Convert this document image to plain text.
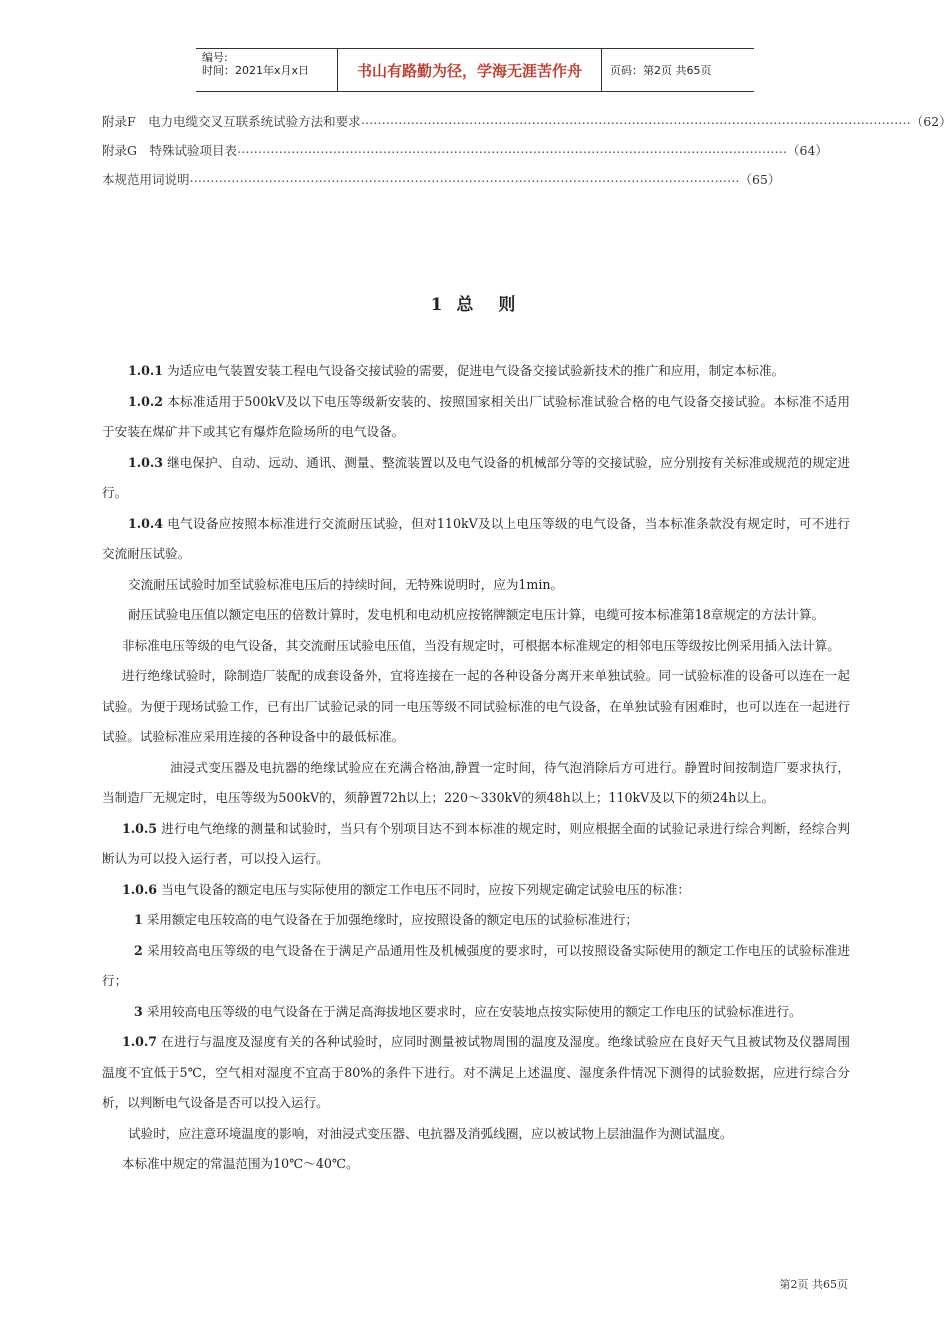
编号:
时间：2021年x月x日	书山有路勤为径，学海无涯苦作舟	页码：第2页 共65页
附录F　电力电缆交叉互联系统试验方法和要求 …………………………………………………………………………………………………………………… （62）
附录G　特殊试验项目表 …………………………………………………………………………………………………………………… （64）
本规范用词说明 …………………………………………………………………………………………………………………… （65）
1 总　则

1.0.1 为适应电气装置安装工程电气设备交接试验的需要，促进电气设备交接试验新技术的推广和应用，制定本标准。

1.0.2 本标准适用于500kV及以下电压等级新安装的、按照国家相关出厂试验标准试验合格的电气设备交接试验。本标准不适用于安装在煤矿井下或其它有爆炸危险场所的电气设备。

1.0.3 继电保护、自动、远动、通讯、测量、整流装置以及电气设备的机械部分等的交接试验，应分别按有关标准或规范的规定进行。

1.0.4 电气设备应按照本标准进行交流耐压试验，但对110kV及以上电压等级的电气设备，当本标准条款没有规定时，可不进行交流耐压试验。

交流耐压试验时加至试验标准电压后的持续时间，无特殊说明时，应为1min。

耐压试验电压值以额定电压的倍数计算时，发电机和电动机应按铭牌额定电压计算，电缆可按本标准第18章规定的方法计算。

非标准电压等级的电气设备，其交流耐压试验电压值，当没有规定时，可根据本标准规定的相邻电压等级按比例采用插入法计算。

进行绝缘试验时，除制造厂装配的成套设备外，宜将连接在一起的各种设备分离开来单独试验。同一试验标准的设备可以连在一起试验。为便于现场试验工作，已有出厂试验记录的同一电压等级不同试验标准的电气设备，在单独试验有困难时，也可以连在一起进行试验。试验标准应采用连接的各种设备中的最低标准。

油浸式变压器及电抗器的绝缘试验应在充满合格油,静置一定时间，待气泡消除后方可进行。静置时间按制造厂要求执行，当制造厂无规定时，电压等级为500kV的，须静置72h以上；220～330kV的须48h以上；110kV及以下的须24h以上。

1.0.5 进行电气绝缘的测量和试验时，当只有个别项目达不到本标准的规定时，则应根据全面的试验记录进行综合判断，经综合判断认为可以投入运行者，可以投入运行。

1.0.6 当电气设备的额定电压与实际使用的额定工作电压不同时，应按下列规定确定试验电压的标准：

1 采用额定电压较高的电气设备在于加强绝缘时，应按照设备的额定电压的试验标准进行；

2 采用较高电压等级的电气设备在于满足产品通用性及机械强度的要求时，可以按照设备实际使用的额定工作电压的试验标准进行；

3 采用较高电压等级的电气设备在于满足高海拔地区要求时，应在安装地点按实际使用的额定工作电压的试验标准进行。

1.0.7 在进行与温度及湿度有关的各种试验时，应同时测量被试物周围的温度及湿度。绝缘试验应在良好天气且被试物及仪器周围温度不宜低于5℃，空气相对湿度不宜高于80%的条件下进行。对不满足上述温度、湿度条件情况下测得的试验数据，应进行综合分析，以判断电气设备是否可以投入运行。

试验时，应注意环境温度的影响，对油浸式变压器、电抗器及消弧线圈，应以被试物上层油温作为测试温度。

本标准中规定的常温范围为10℃～40℃。

第2页 共65页
